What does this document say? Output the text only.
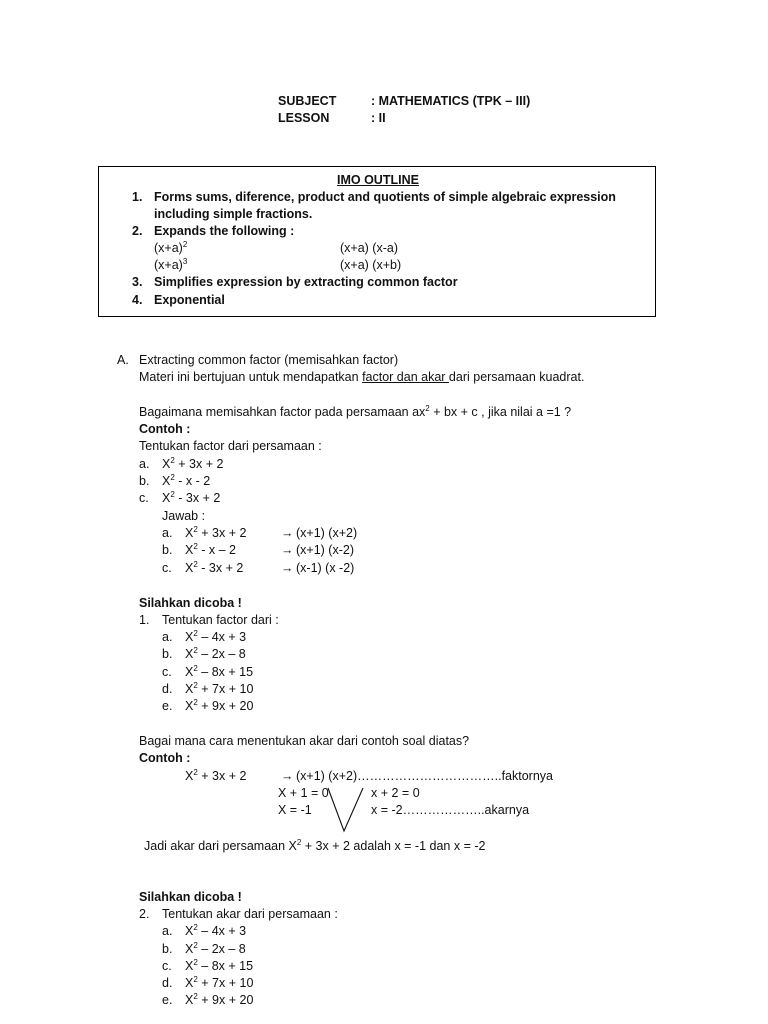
SUBJECT	: MATHEMATICS (TPK – III)
LESSON	: II
IMO OUTLINE
1. Forms sums, diference, product and quotients of simple algebraic expression
including simple fractions.
2. Expands the following :
$(x+a)^2$	(x+a) (x-a)
$(x+a)^3$	(x+a) (x+b)
3. Simplifies expression by extracting common factor
4. Exponential
A. Extracting common factor (memisahkan factor)
Materi ini bertujuan untuk mendapatkan factor dan akar dari persamaan kuadrat.
Bagaimana memisahkan factor pada persamaan $ax^2$ + bx + c , jika nilai a =1 ?
Contoh :
Tentukan factor dari persamaan :
a. $X^2 + 3x + 2$
b. $X^2$ - x - 2
c. $X^2 - 3x + 2$
Jawab :
a. $X^2 + 3x + 2$	→ (x+1) (x+2)
b. $X^2$ - x – 2	→ (x+1) (x-2)
c. $X^2 - 3x + 2$	→ (x-1) (x -2)
Silahkan dicoba !
1. Tentukan factor dari :
a. $X^2 - 4x + 3$
b. $X^2 - 2x - 8$
c. $X^2 - 8x + 15$
d. $X^2 + 7x + 10$
e. $X^2 + 9x + 20$
Bagai mana cara menentukan akar dari contoh soal diatas?
Contoh :
$X^2 + 3x + 2$	→ (x+1) (x+2)……………………………..faktornya
X + 1 = 0	x + 2 = 0
X = -1	x = -2………………..akarnya
Jadi akar dari persamaan $X^2 + 3x + 2$ adalah x = -1 dan x = -2
Silahkan dicoba !
2. Tentukan akar dari persamaan :
a. $X^2 - 4x + 3$
b. $X^2 - 2x - 8$
c. $X^2 - 8x + 15$
d. $X^2 + 7x + 10$
e. $X^2 + 9x + 20$
